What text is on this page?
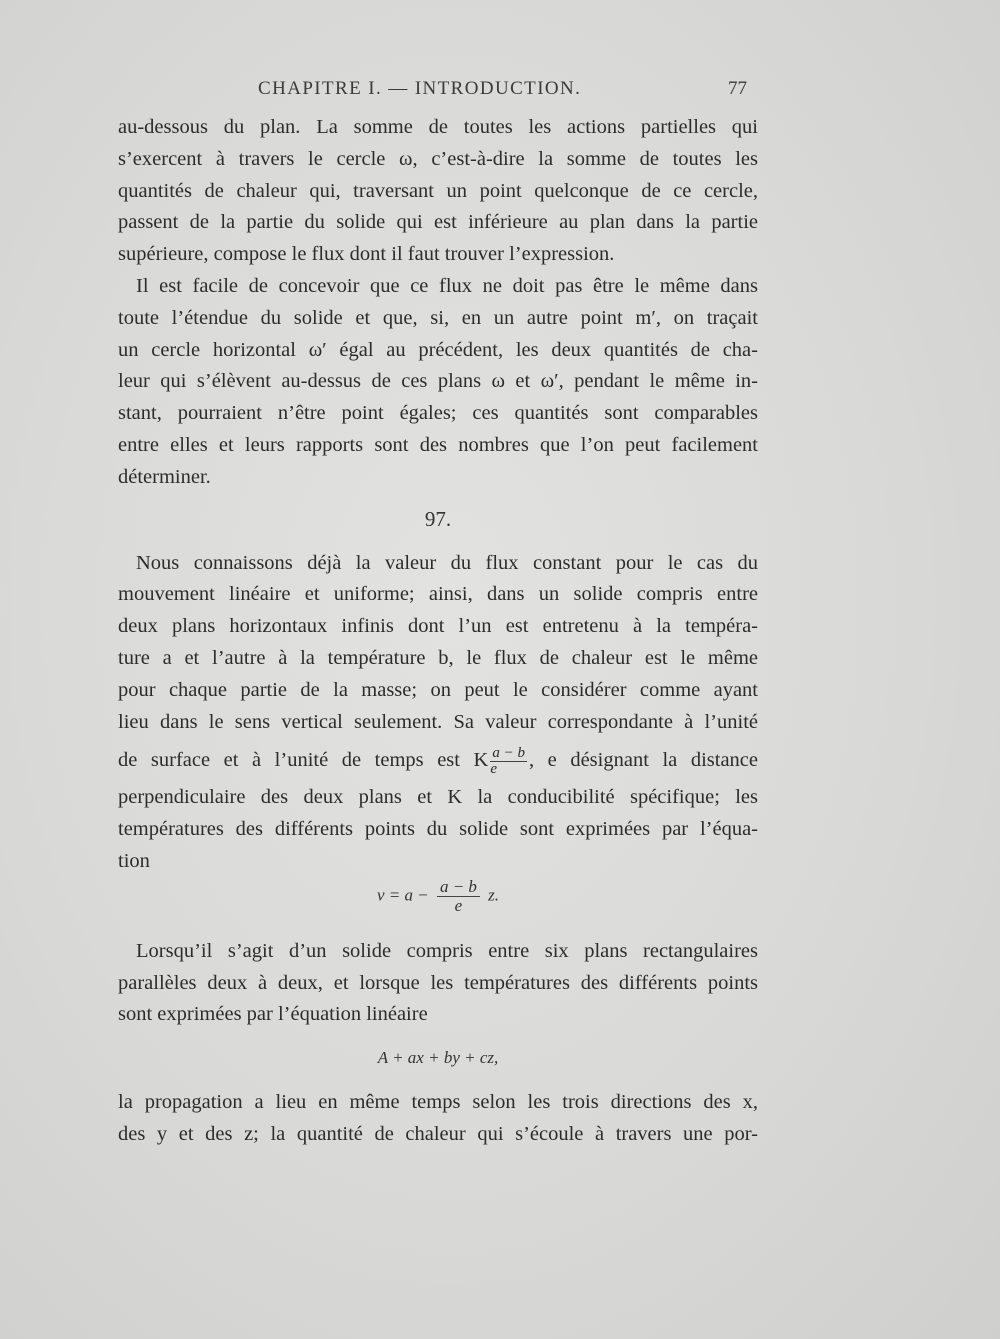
CHAPITRE I. — INTRODUCTION.	77
au-dessous du plan. La somme de toutes les actions partielles qui
s’exercent à travers le cercle ω, c’est-à-dire la somme de toutes les
quantités de chaleur qui, traversant un point quelconque de ce cercle,
passent de la partie du solide qui est inférieure au plan dans la partie
supérieure, compose le flux dont il faut trouver l’expression.
Il est facile de concevoir que ce flux ne doit pas être le même dans
toute l’étendue du solide et que, si, en un autre point m′, on traçait
un cercle horizontal ω′ égal au précédent, les deux quantités de cha-
leur qui s’élèvent au-dessus de ces plans ω et ω′, pendant le même in-
stant, pourraient n’être point égales; ces quantités sont comparables
entre elles et leurs rapports sont des nombres que l’on peut facilement
déterminer.
97.
Nous connaissons déjà la valeur du flux constant pour le cas du
mouvement linéaire et uniforme; ainsi, dans un solide compris entre
deux plans horizontaux infinis dont l’un est entretenu à la tempéra-
ture a et l’autre à la température b, le flux de chaleur est le même
pour chaque partie de la masse; on peut le considérer comme ayant
lieu dans le sens vertical seulement. Sa valeur correspondante à l’unité
de surface et à l’unité de temps est K $\frac{a - b}{e}$ , e désignant la distance
perpendiculaire des deux plans et K la conducibilité spécifique; les
températures des différents points du solide sont exprimées par l’équa-
tion
$v = a - \frac{a - b}{e} z$.
Lorsqu’il s’agit d’un solide compris entre six plans rectangulaires
parallèles deux à deux, et lorsque les températures des différents points
sont exprimées par l’équation linéaire
A + ax + by + cz,
la propagation a lieu en même temps selon les trois directions des x,
des y et des z; la quantité de chaleur qui s’écoule à travers une por-
